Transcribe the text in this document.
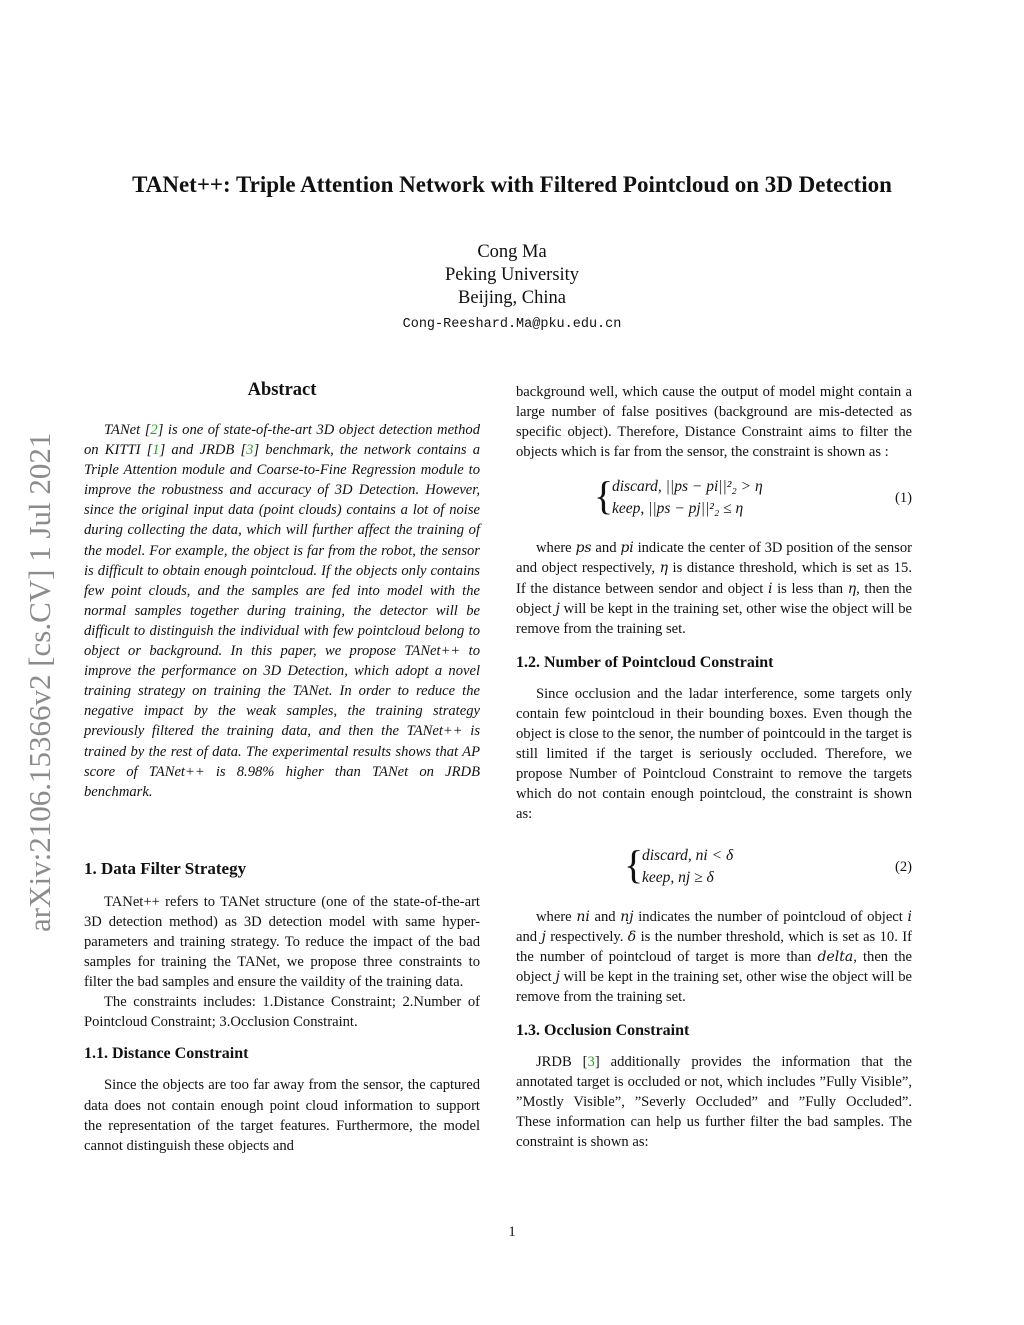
TANet++: Triple Attention Network with Filtered Pointcloud on 3D Detection
Cong Ma
Peking University
Beijing, China
Cong-Reeshard.Ma@pku.edu.cn
arXiv:2106.15366v2 [cs.CV] 1 Jul 2021
Abstract

TANet [2] is one of state-of-the-art 3D object detection method on KITTI [1] and JRDB [3] benchmark, the network contains a Triple Attention module and Coarse-to-Fine Regression module to improve the robustness and accuracy of 3D Detection. However, since the original input data (point clouds) contains a lot of noise during collecting the data, which will further affect the training of the model. For example, the object is far from the robot, the sensor is difficult to obtain enough pointcloud. If the objects only contains few point clouds, and the samples are fed into model with the normal samples together during training, the detector will be difficult to distinguish the individual with few pointcloud belong to object or background. In this paper, we propose TANet++ to improve the performance on 3D Detection, which adopt a novel training strategy on training the TANet. In order to reduce the negative impact by the weak samples, the training strategy previously filtered the training data, and then the TANet++ is trained by the rest of data. The experimental results shows that AP score of TANet++ is 8.98% higher than TANet on JRDB benchmark.

1. Data Filter Strategy

TANet++ refers to TANet structure (one of the state-of-the-art 3D detection method) as 3D detection model with same hyper-parameters and training strategy. To reduce the impact of the bad samples for training the TANet, we propose three constraints to filter the bad samples and ensure the vaildity of the training data.

The constraints includes: 1.Distance Constraint; 2.Number of Pointcloud Constraint; 3.Occlusion Constraint.

1.1. Distance Constraint

Since the objects are too far away from the sensor, the captured data does not contain enough point cloud information to support the representation of the target features. Furthermore, the model cannot distinguish these objects and

background well, which cause the output of model might contain a large number of false positives (background are mis-detected as specific object). Therefore, Distance Constraint aims to filter the objects which is far from the sensor, the constraint is shown as :

{
discard, ||ps − pi||²₂ > η
keep, ||ps − pj||²₂ ≤ η
(1)

where ps and pi indicate the center of 3D position of the sensor and object respectively, η is distance threshold, which is set as 15. If the distance between sendor and object i is less than η, then the object j will be kept in the training set, other wise the object will be remove from the training set.

1.2. Number of Pointcloud Constraint

Since occlusion and the ladar interference, some targets only contain few pointcloud in their bounding boxes. Even though the object is close to the senor, the number of pointcould in the target is still limited if the target is seriously occluded. Therefore, we propose Number of Pointcloud Constraint to remove the targets which do not contain enough pointcloud, the constraint is shown as:

{
discard, ni < δ
keep, nj ≥ δ
(2)

where ni and nj indicates the number of pointcloud of object i and j respectively. δ is the number threshold, which is set as 10. If the number of pointcloud of target is more than delta, then the object j will be kept in the training set, other wise the object will be remove from the training set.

1.3. Occlusion Constraint

JRDB [3] additionally provides the information that the annotated target is occluded or not, which includes ”Fully Visible”, ”Mostly Visible”, ”Severly Occluded” and ”Fully Occluded”. These information can help us further filter the bad samples. The constraint is shown as:

1
